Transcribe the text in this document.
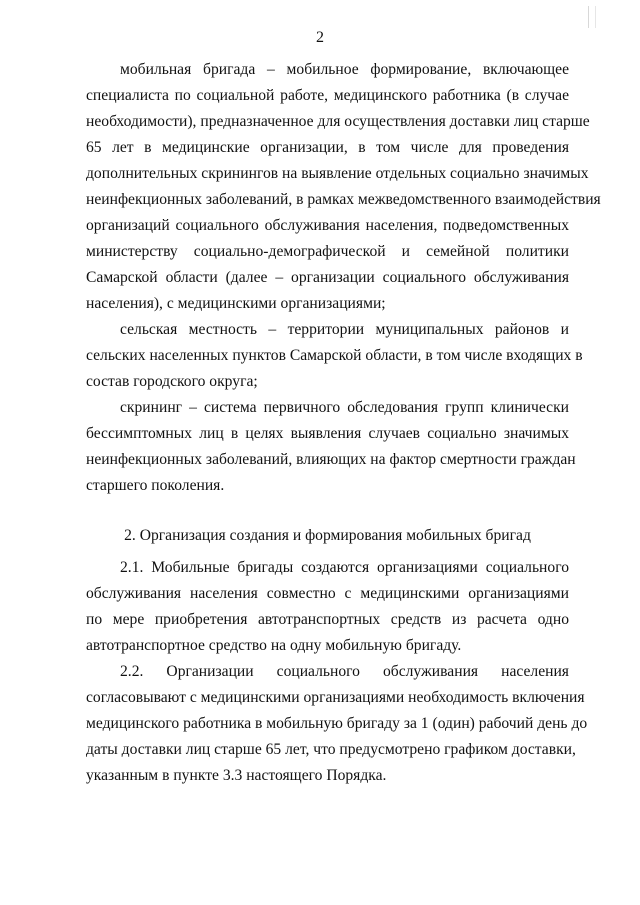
2
мобильная бригада – мобильное формирование, включающее
специалиста по социальной работе, медицинского работника (в случае
необходимости), предназначенное для осуществления доставки лиц старше
65 лет в медицинские организации, в том числе для проведения
дополнительных скринингов на выявление отдельных социально значимых
неинфекционных заболеваний, в рамках межведомственного взаимодействия
организаций социального обслуживания населения, подведомственных
министерству социально-демографической и семейной политики
Самарской области (далее – организации социального обслуживания
населения), с медицинскими организациями;
сельская местность – территории муниципальных районов и
сельских населенных пунктов Самарской области, в том числе входящих в
состав городского округа;
скрининг – система первичного обследования групп клинически
бессимптомных лиц в целях выявления случаев социально значимых
неинфекционных заболеваний, влияющих на фактор смертности граждан
старшего поколения.
2. Организация создания и формирования мобильных бригад
2.1. Мобильные бригады создаются организациями социального
обслуживания населения совместно с медицинскими организациями
по мере приобретения автотранспортных средств из расчета одно
автотранспортное средство на одну мобильную бригаду.
2.2. Организации социального обслуживания населения
согласовывают с медицинскими организациями необходимость включения
медицинского работника в мобильную бригаду за 1 (один) рабочий день до
даты доставки лиц старше 65 лет, что предусмотрено графиком доставки,
указанным в пункте 3.3 настоящего Порядка.
